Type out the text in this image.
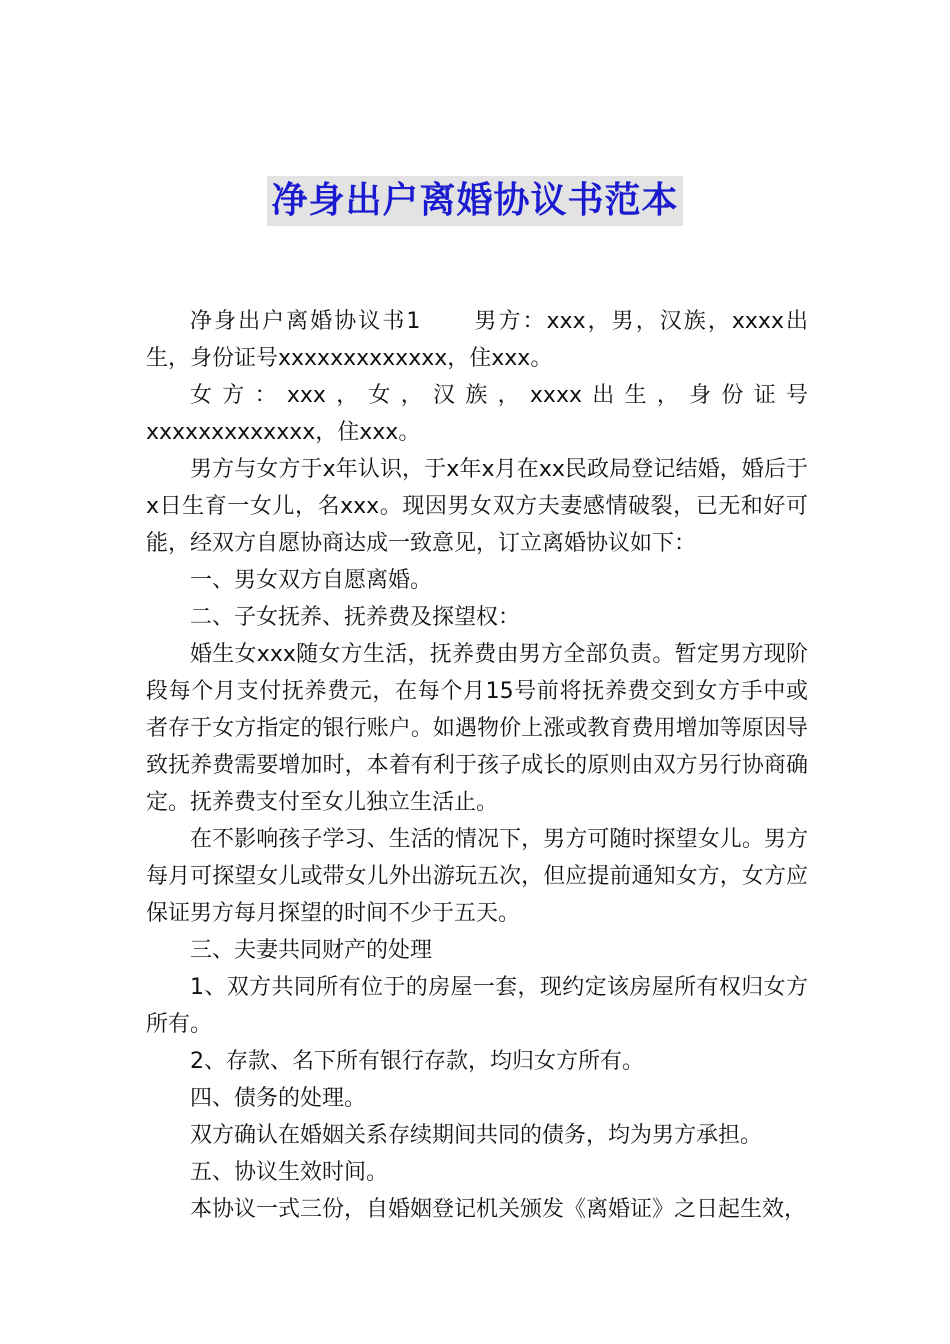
净身出户离婚协议书范本

净身出户离婚协议书1 男方：xxx，男，汉族，xxxx出生，身份证号xxxxxxxxxxxxx，住xxx。

女方：xxx，女，汉族，xxxx出生，身份证号xxxxxxxxxxxxx，住xxx。

男方与女方于x年认识，于x年x月在xx民政局登记结婚，婚后于x日生育一女儿，名xxx。现因男女双方夫妻感情破裂，已无和好可能，经双方自愿协商达成一致意见，订立离婚协议如下：

一、男女双方自愿离婚。

二、子女抚养、抚养费及探望权：

婚生女xxx随女方生活，抚养费由男方全部负责。暂定男方现阶段每个月支付抚养费元，在每个月15号前将抚养费交到女方手中或者存于女方指定的银行账户。如遇物价上涨或教育费用增加等原因导致抚养费需要增加时，本着有利于孩子成长的原则由双方另行协商确定。抚养费支付至女儿独立生活止。

在不影响孩子学习、生活的情况下，男方可随时探望女儿。男方每月可探望女儿或带女儿外出游玩五次，但应提前通知女方，女方应保证男方每月探望的时间不少于五天。

三、夫妻共同财产的处理

1、双方共同所有位于的房屋一套，现约定该房屋所有权归女方所有。

2、存款、名下所有银行存款，均归女方所有。

四、债务的处理。

双方确认在婚姻关系存续期间共同的债务，均为男方承担。

五、协议生效时间。

本协议一式三份，自婚姻登记机关颁发《离婚证》之日起生效，
